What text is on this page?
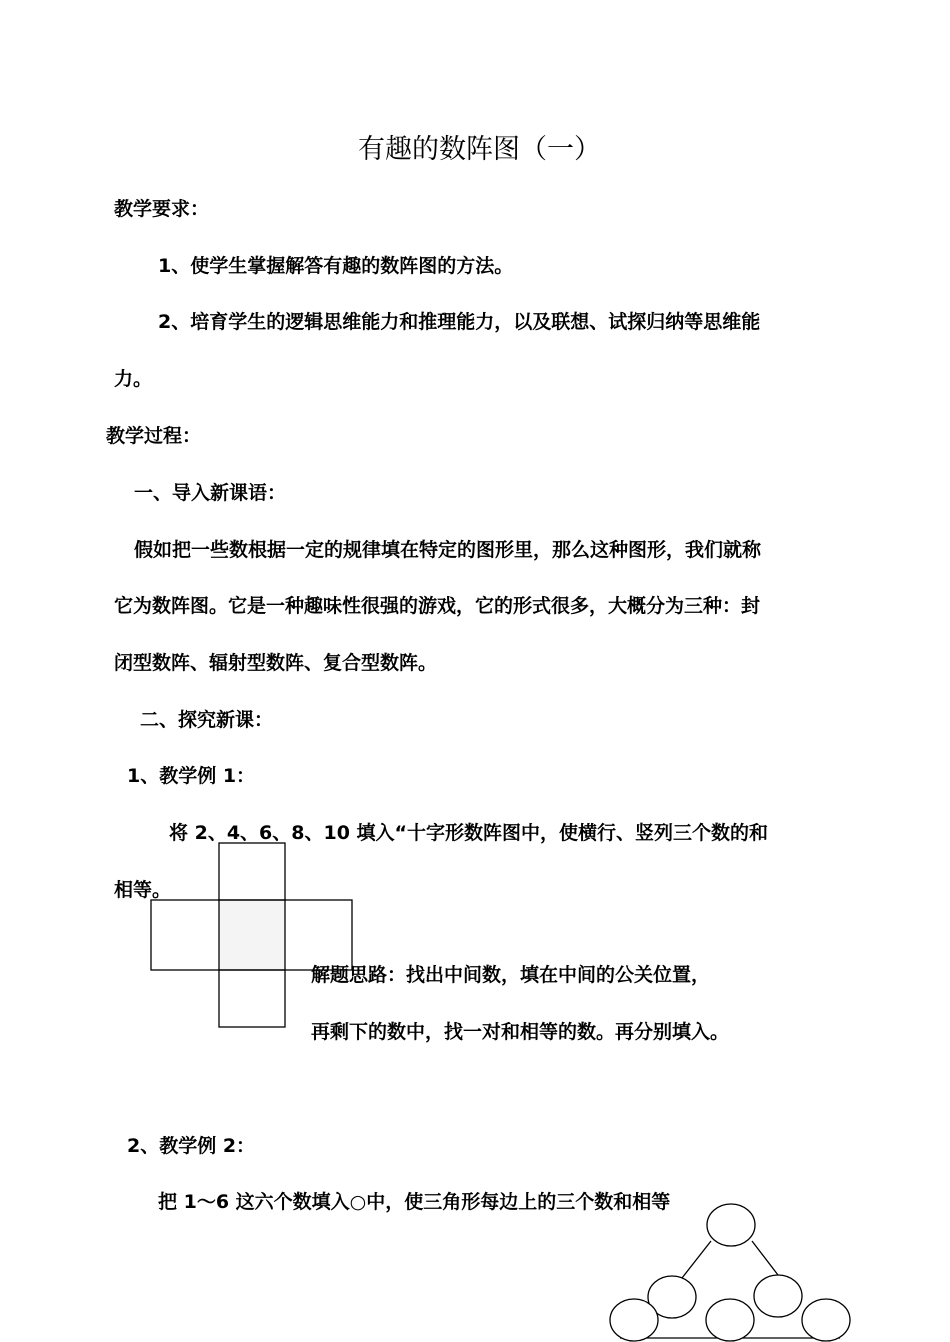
有趣的数阵图（一）
教学要求：
1、使学生掌握解答有趣的数阵图的方法。
2、培育学生的逻辑思维能力和推理能力，以及联想、试探归纳等思维能
力。
教学过程：
一、导入新课语：
假如把一些数根据一定的规律填在特定的图形里，那么这种图形，我们就称
它为数阵图。它是一种趣味性很强的游戏，它的形式很多，大概分为三种：封
闭型数阵、辐射型数阵、复合型数阵。
二、探究新课：
1、教学例 1：
将 2、4、6、8、10 填入“十字形数阵图中，使横行、竖列三个数的和
相等。
解题思路：找出中间数，填在中间的公关位置，
再剩下的数中，找一对和相等的数。再分别填入。
2、教学例 2：
把 1～6 这六个数填入○中，使三角形每边上的三个数和相等
